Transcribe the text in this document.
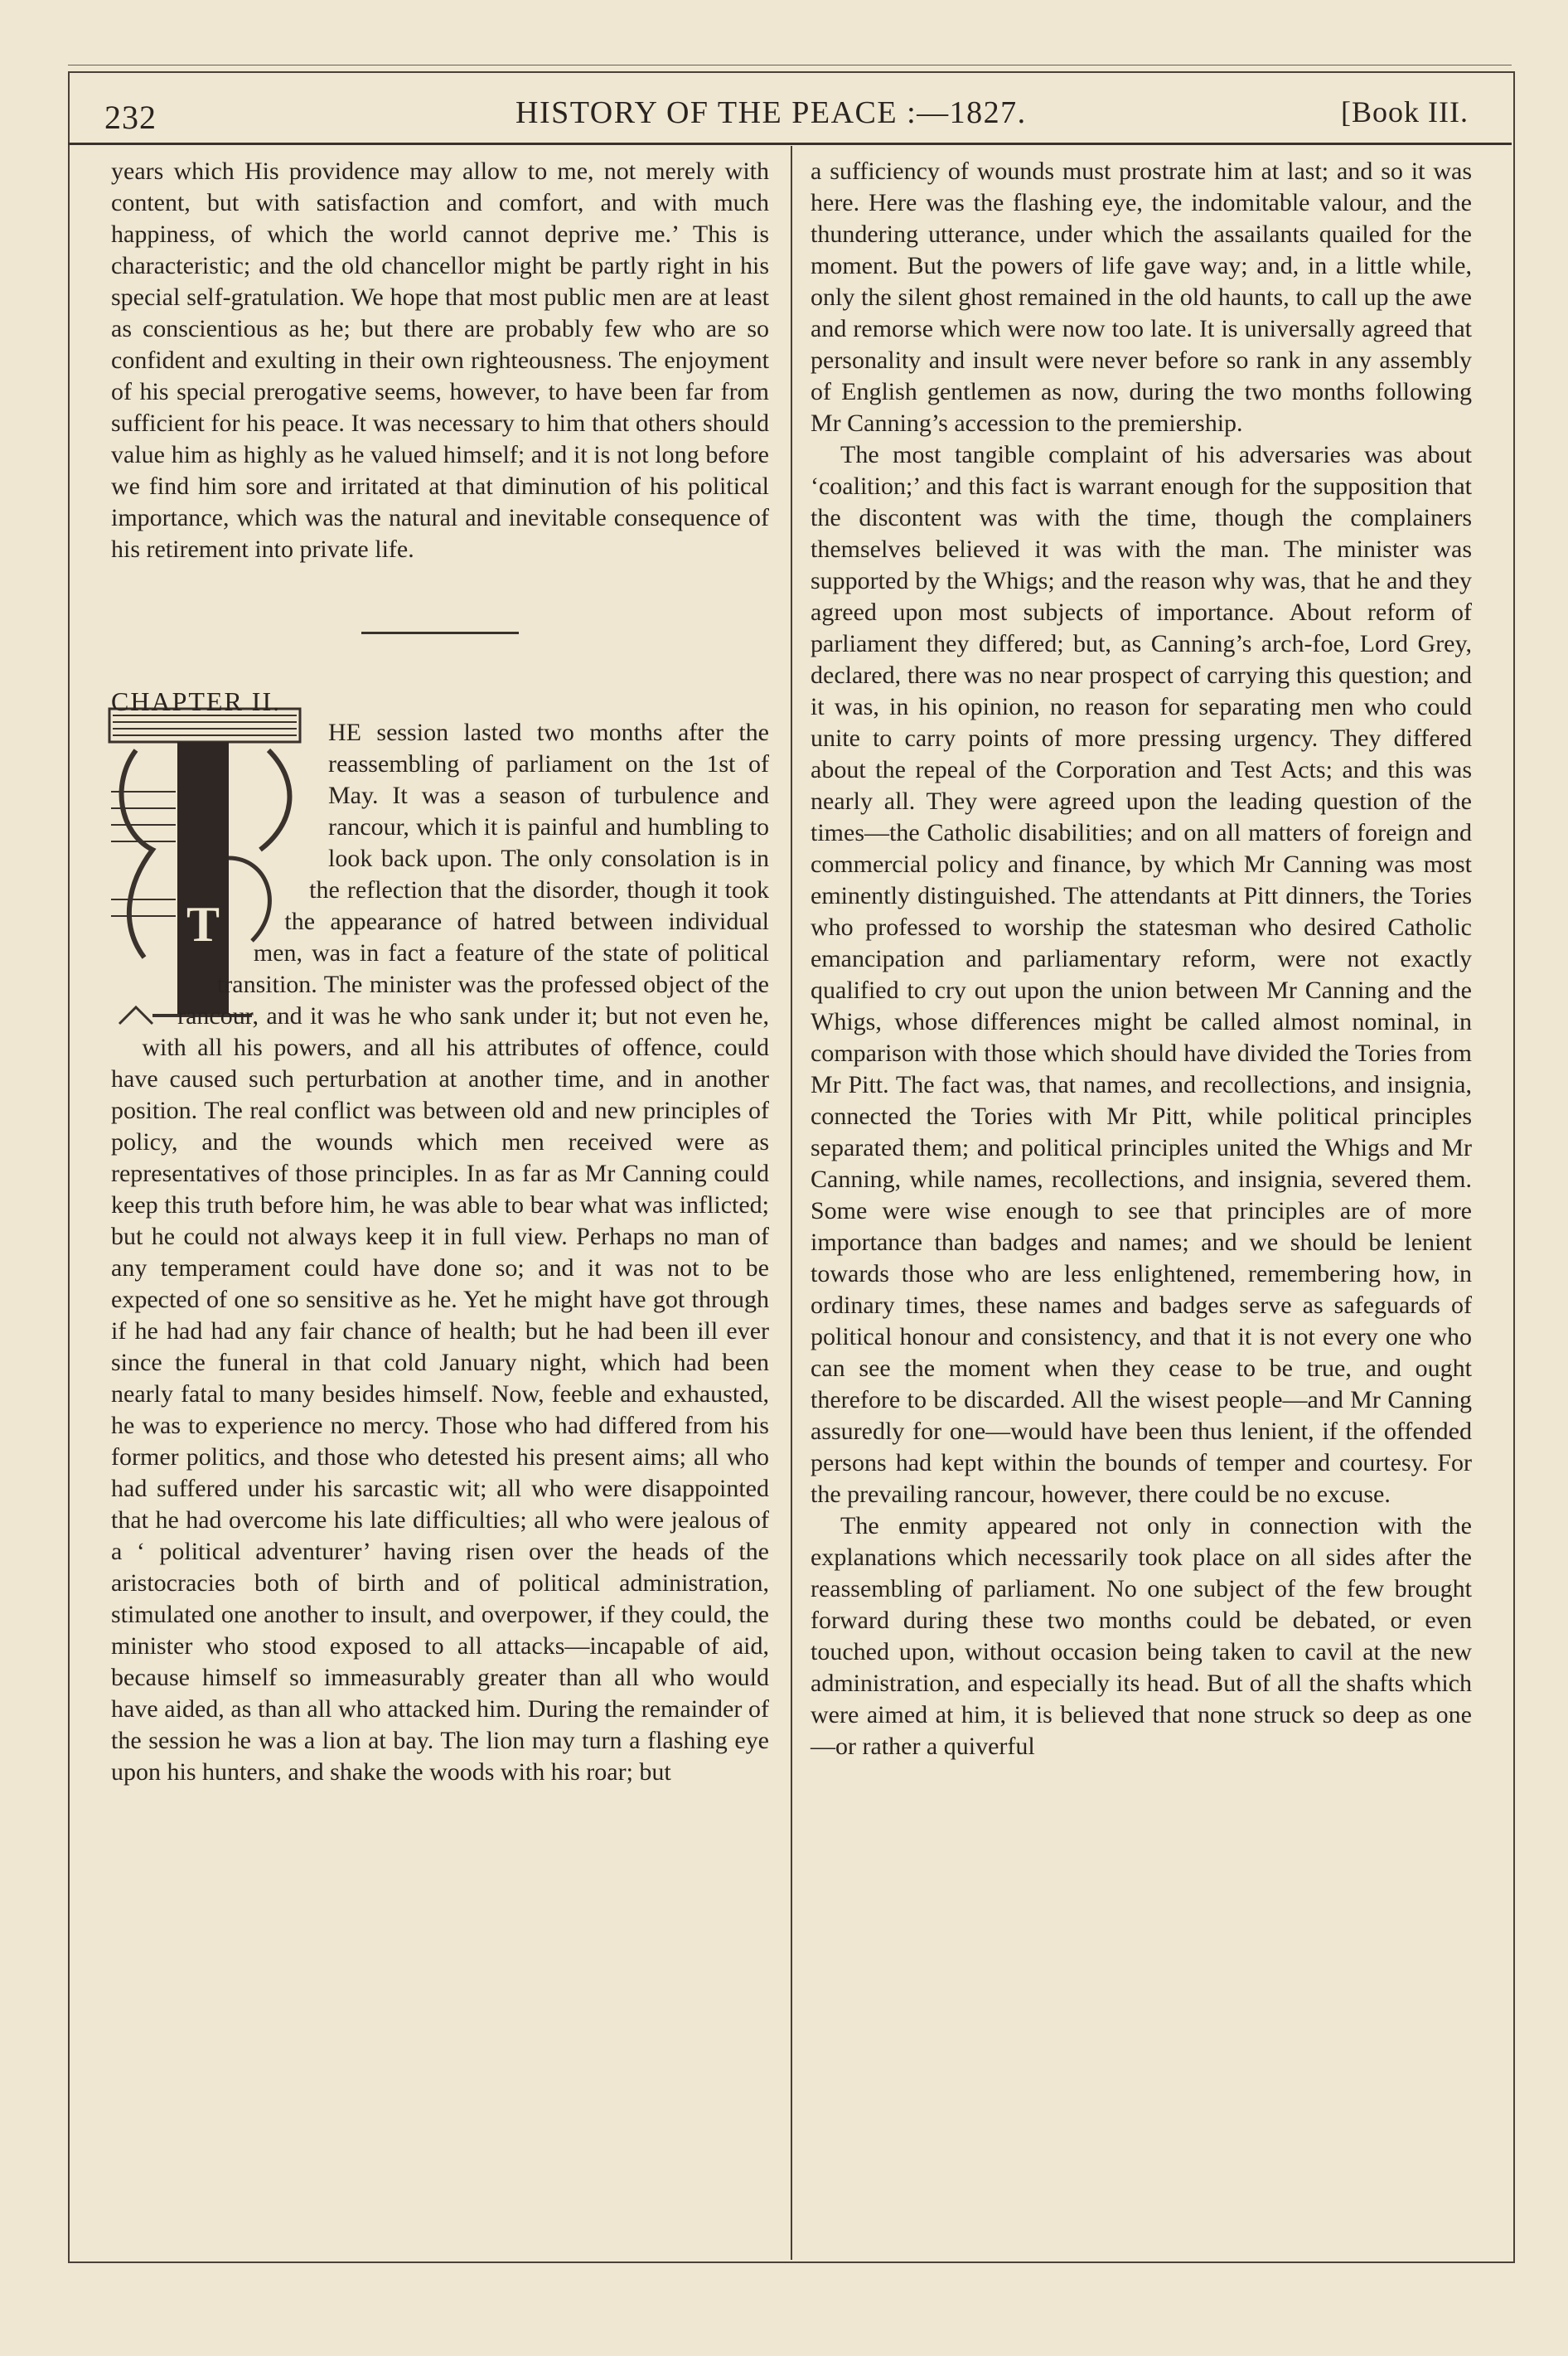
232	HISTORY OF THE PEACE :—1827.	[Book III.

years which His providence may allow to me, not merely with content, but with satisfaction and comfort, and with much happiness, of which the world cannot deprive me.’ This is characteristic; and the old chancellor might be partly right in his special self-gratulation. We hope that most public men are at least as conscientious as he; but there are probably few who are so confident and exulting in their own righteousness. The enjoyment of his special prerogative seems, however, to have been far from sufficient for his peace. It was necessary to him that others should value him as highly as he valued himself; and it is not long before we find him sore and irritated at that diminution of his political importance, which was the natural and inevitable consequence of his retirement into private life.

CHAPTER II.

T

HE session lasted two months after the reassembling of parliament on the 1st of May. It was a season of turbulence and rancour, which it is painful and humbling to look back upon. The only consolation is in the reflection that the disorder, though it took the appearance of hatred between individual men, was in fact a feature of the state of political transition. The minister was the professed object of the rancour, and it was he who sank under it; but not even he, with all his powers, and all his attributes of offence, could have caused such perturbation at another time, and in another position. The real conflict was between old and new principles of policy, and the wounds which men received were as representatives of those principles. In as far as Mr Canning could keep this truth before him, he was able to bear what was inflicted; but he could not always keep it in full view. Perhaps no man of any temperament could have done so; and it was not to be expected of one so sensitive as he. Yet he might have got through if he had had any fair chance of health; but he had been ill ever since the funeral in that cold January night, which had been nearly fatal to many besides himself. Now, feeble and exhausted, he was to experience no mercy. Those who had differed from his former politics, and those who detested his present aims; all who had suffered under his sarcastic wit; all who were disappointed that he had overcome his late difficulties; all who were jealous of a ‘ political adventurer’ having risen over the heads of the aristocracies both of birth and of political administration, stimulated one another to insult, and overpower, if they could, the minister who stood exposed to all attacks—incapable of aid, because himself so immeasurably greater than all who would have aided, as than all who attacked him. During the remainder of the session he was a lion at bay. The lion may turn a flashing eye upon his hunters, and shake the woods with his roar; but

a sufficiency of wounds must prostrate him at last; and so it was here. Here was the flashing eye, the indomitable valour, and the thundering utterance, under which the assailants quailed for the moment. But the powers of life gave way; and, in a little while, only the silent ghost remained in the old haunts, to call up the awe and remorse which were now too late. It is universally agreed that personality and insult were never before so rank in any assembly of English gentlemen as now, during the two months following Mr Canning’s accession to the premiership.

The most tangible complaint of his adversaries was about ‘coalition;’ and this fact is warrant enough for the supposition that the discontent was with the time, though the complainers themselves believed it was with the man. The minister was supported by the Whigs; and the reason why was, that he and they agreed upon most subjects of importance. About reform of parliament they differed; but, as Canning’s arch-foe, Lord Grey, declared, there was no near prospect of carrying this question; and it was, in his opinion, no reason for separating men who could unite to carry points of more pressing urgency. They differed about the repeal of the Corporation and Test Acts; and this was nearly all. They were agreed upon the leading question of the times—the Catholic disabilities; and on all matters of foreign and commercial policy and finance, by which Mr Canning was most eminently distinguished. The attendants at Pitt dinners, the Tories who professed to worship the statesman who desired Catholic emancipation and parliamentary reform, were not exactly qualified to cry out upon the union between Mr Canning and the Whigs, whose differences might be called almost nominal, in comparison with those which should have divided the Tories from Mr Pitt. The fact was, that names, and recollections, and insignia, connected the Tories with Mr Pitt, while political principles separated them; and political principles united the Whigs and Mr Canning, while names, recollections, and insignia, severed them. Some were wise enough to see that principles are of more importance than badges and names; and we should be lenient towards those who are less enlightened, remembering how, in ordinary times, these names and badges serve as safeguards of political honour and consistency, and that it is not every one who can see the moment when they cease to be true, and ought therefore to be discarded. All the wisest people—and Mr Canning assuredly for one—would have been thus lenient, if the offended persons had kept within the bounds of temper and courtesy. For the prevailing rancour, however, there could be no excuse.

The enmity appeared not only in connection with the explanations which necessarily took place on all sides after the reassembling of parliament. No one subject of the few brought forward during these two months could be debated, or even touched upon, without occasion being taken to cavil at the new administration, and especially its head. But of all the shafts which were aimed at him, it is believed that none struck so deep as one—or rather a quiverful
